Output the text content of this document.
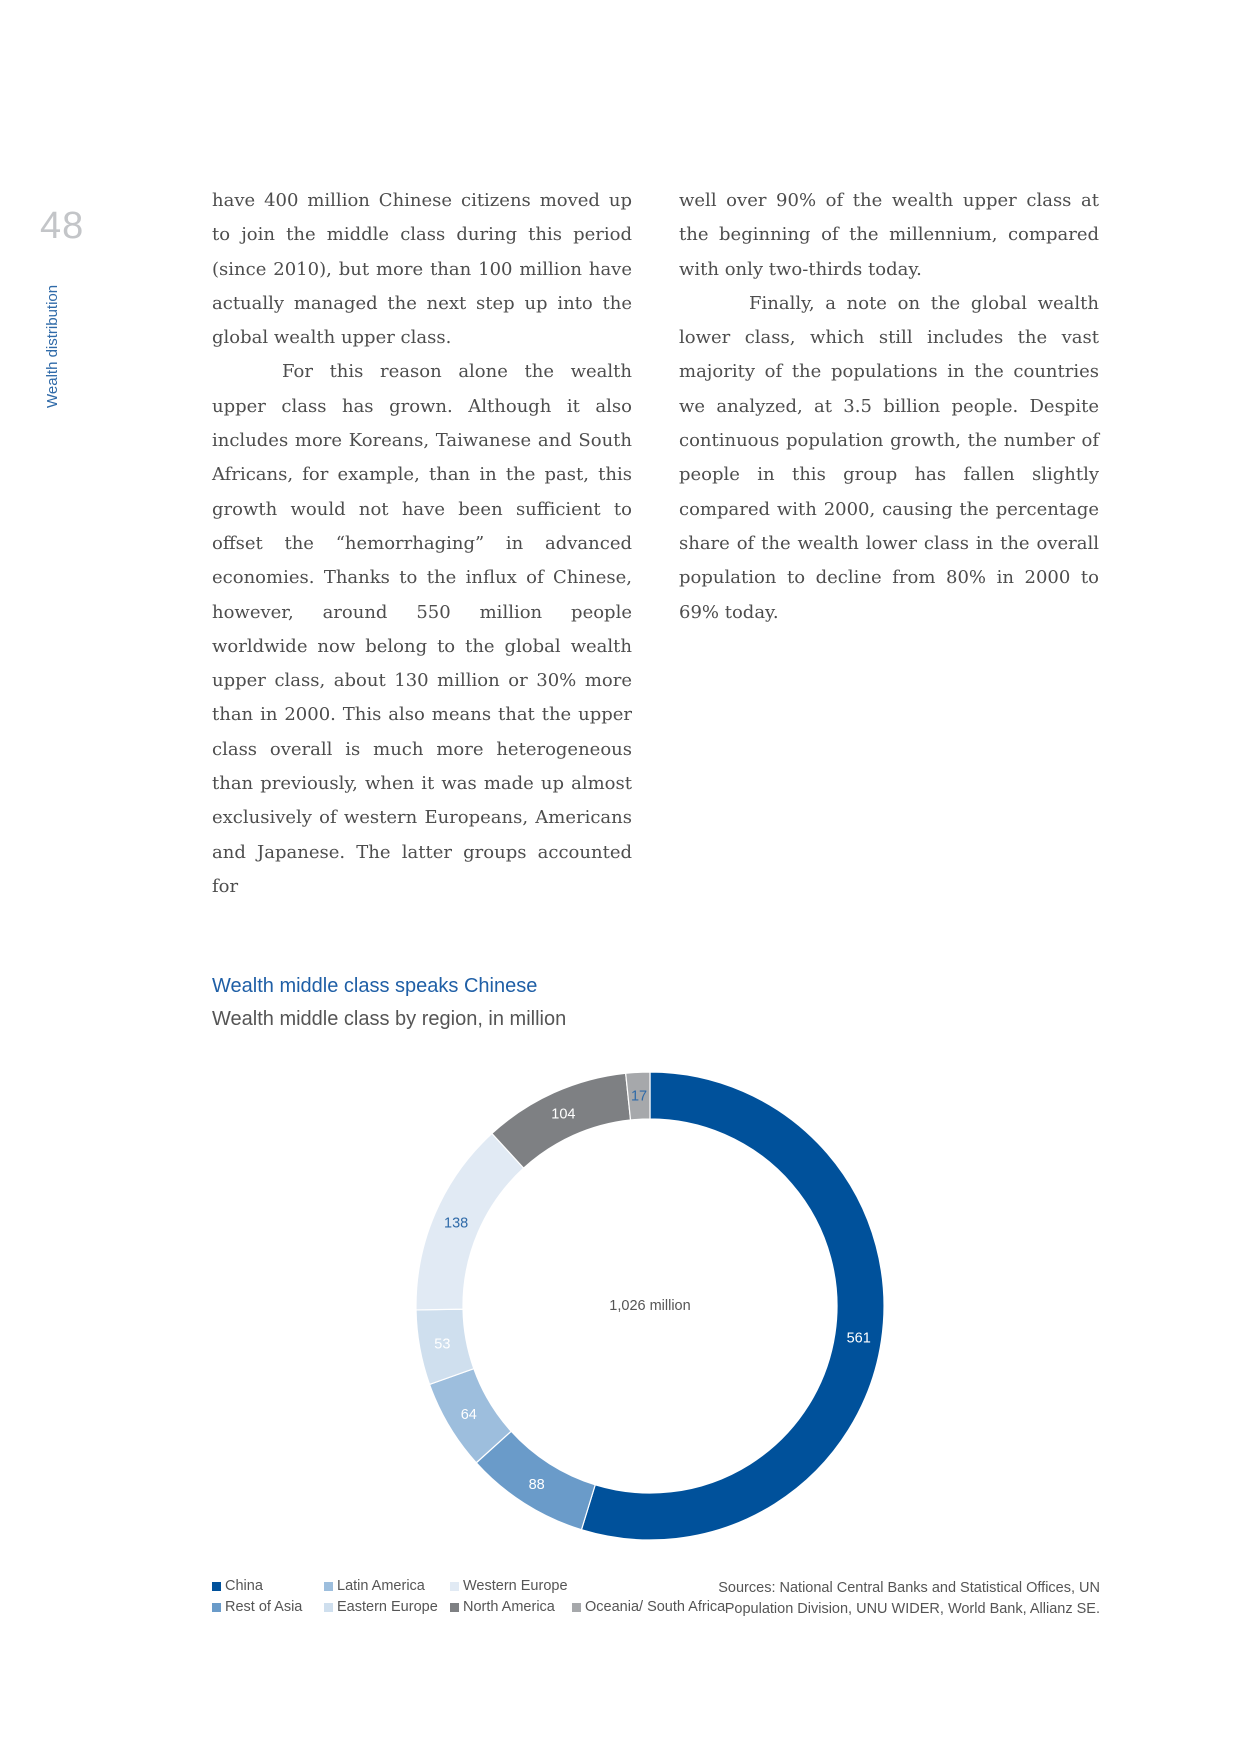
48
Wealth distribution

have 400 million Chinese citizens moved up to join the middle class during this period (since 2010), but more than 100 million have actually managed the next step up into the global wealth upper class.

For this reason alone the wealth upper class has grown. Although it also includes more Koreans, Taiwanese and South Africans, for example, than in the past, this growth would not have been sufficient to offset the “hemorrhaging” in advanced economies. Thanks to the influx of Chinese, however, around 550 million people worldwide now belong to the global wealth upper class, about 130 million or 30% more than in 2000. This also means that the upper class overall is much more heterogeneous than previously, when it was made up almost exclusively of western Europeans, Americans and Japanese. The latter groups accounted for

well over 90% of the wealth upper class at the beginning of the millennium, compared with only two-thirds today.

Finally, a note on the global wealth lower class, which still includes the vast majority of the populations in the countries we analyzed, at 3.5 billion people. Despite continuous population growth, the number of people in this group has fallen slightly compared with 2000, causing the percentage share of the wealth lower class in the overall population to decline from 80% in 2000 to 69% today.

Wealth middle class speaks Chinese
Wealth middle class by region, in million
561
88
64
53
138
104
17
1,026 million
China	Latin America	Western Europe
Rest of Asia Eastern Europe North America Oceania/ South Africa
Sources: National Central Banks and Statistical Offices, UN
Population Division, UNU WIDER, World Bank, Allianz SE.
